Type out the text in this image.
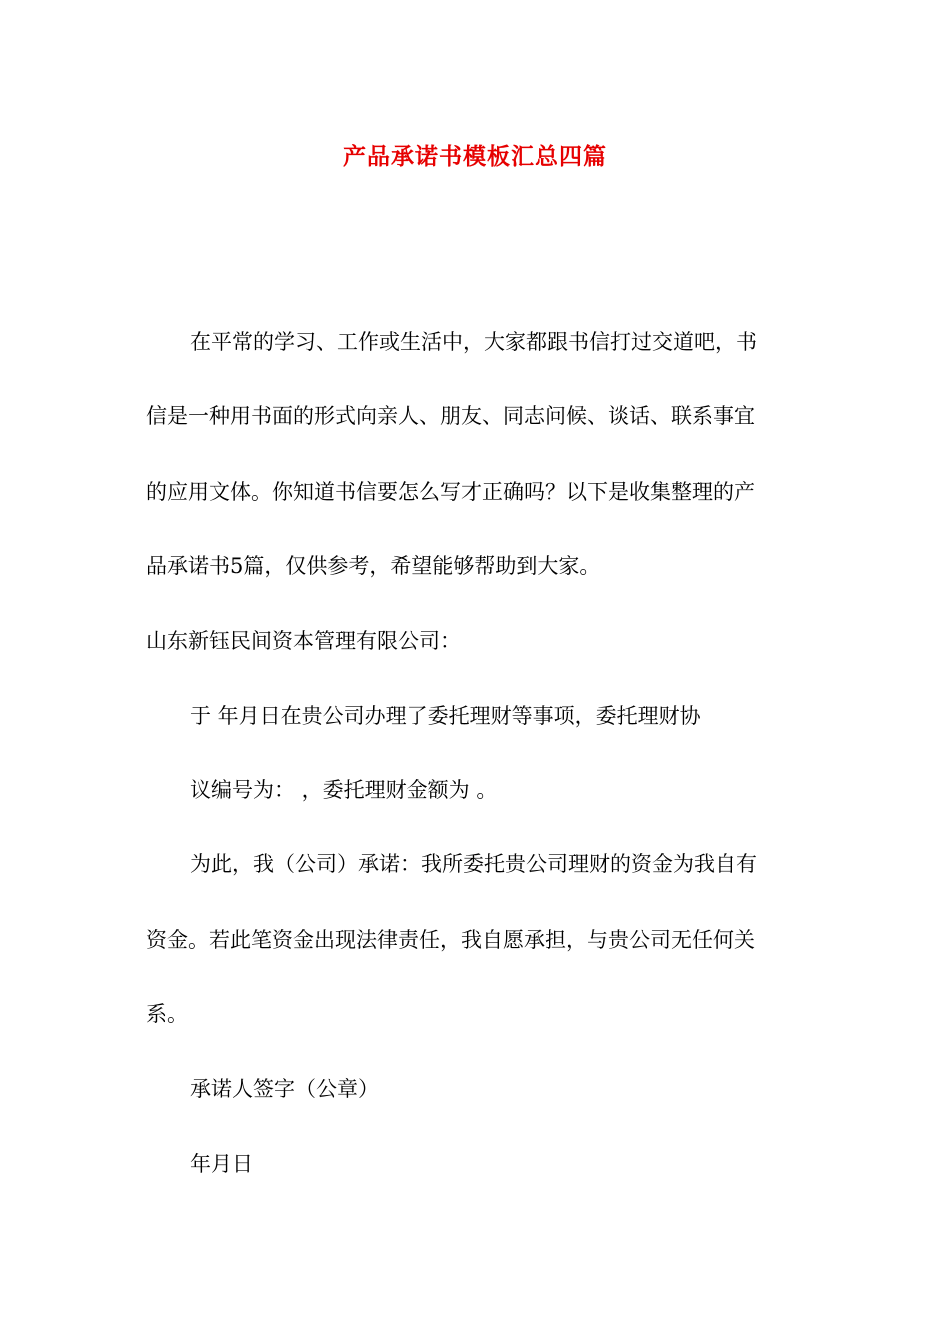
产品承诺书模板汇总四篇
在平常的学习、工作或生活中，大家都跟书信打过交道吧，书
信是一种用书面的形式向亲人、朋友、同志问候、谈话、联系事宜
的应用文体。你知道书信要怎么写才正确吗？以下是收集整理的产
品承诺书5篇，仅供参考，希望能够帮助到大家。
山东新钰民间资本管理有限公司：
于 年月日在贵公司办理了委托理财等事项，委托理财协
议编号为： ，委托理财金额为 。
为此，我（公司）承诺：我所委托贵公司理财的资金为我自有
资金。若此笔资金出现法律责任，我自愿承担，与贵公司无任何关
系。
承诺人签字（公章）
年月日
